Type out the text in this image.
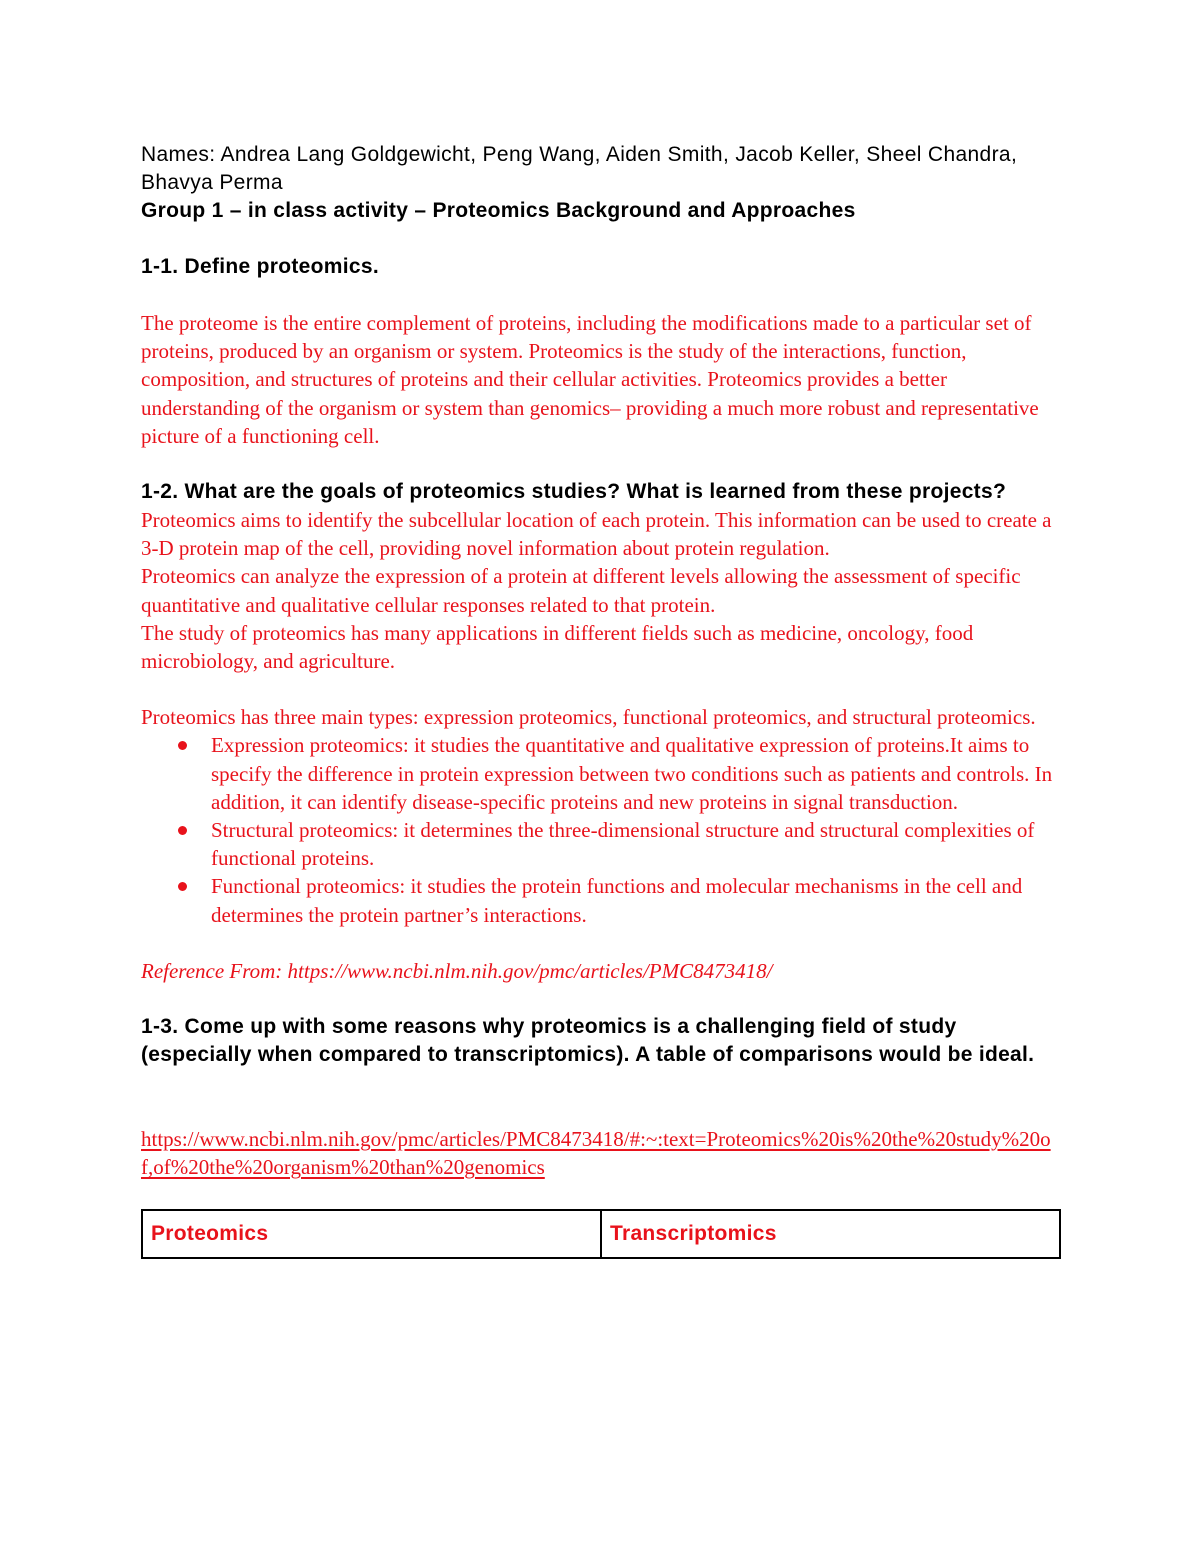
Names: Andrea Lang Goldgewicht, Peng Wang, Aiden Smith, Jacob Keller, Sheel Chandra, Bhavya Perma
Group 1 – in class activity – Proteomics Background and Approaches
1-1. Define proteomics.
The proteome is the entire complement of proteins, including the modifications made to a particular set of proteins, produced by an organism or system. Proteomics is the study of the interactions, function, composition, and structures of proteins and their cellular activities. Proteomics provides a better understanding of the organism or system than genomics– providing a much more robust and representative picture of a functioning cell.
1-2. What are the goals of proteomics studies? What is learned from these projects?
Proteomics aims to identify the subcellular location of each protein. This information can be used to create a 3-D protein map of the cell, providing novel information about protein regulation.
Proteomics can analyze the expression of a protein at different levels allowing the assessment of specific quantitative and qualitative cellular responses related to that protein.
The study of proteomics has many applications in different fields such as medicine, oncology, food microbiology, and agriculture.
Proteomics has three main types: expression proteomics, functional proteomics, and structural proteomics.
Expression proteomics: it studies the quantitative and qualitative expression of proteins.It aims to specify the difference in protein expression between two conditions such as patients and controls. In addition, it can identify disease-specific proteins and new proteins in signal transduction.
Structural proteomics: it determines the three-dimensional structure and structural complexities of functional proteins.
Functional proteomics: it studies the protein functions and molecular mechanisms in the cell and determines the protein partner’s interactions.
Reference From: https://www.ncbi.nlm.nih.gov/pmc/articles/PMC8473418/
1-3. Come up with some reasons why proteomics is a challenging field of study (especially when compared to transcriptomics). A table of comparisons would be ideal.
https://www.ncbi.nlm.nih.gov/pmc/articles/PMC8473418/#:~:text=Proteomics%20is%20the%20study%20of,of%20the%20organism%20than%20genomics
Proteomics	Transcriptomics
